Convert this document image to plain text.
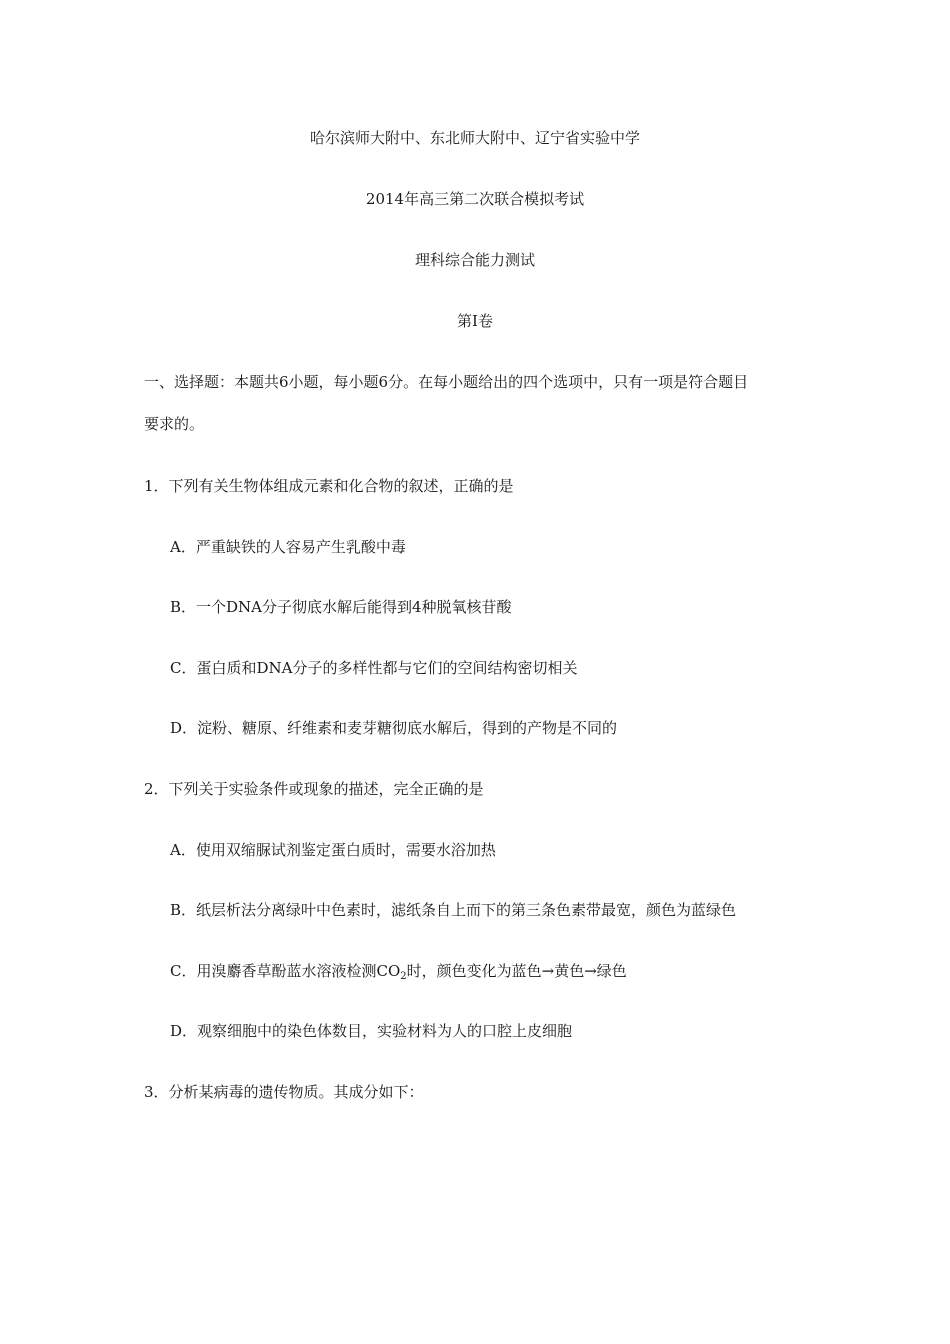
哈尔滨师大附中、东北师大附中、辽宁省实验中学
2014年高三第二次联合模拟考试
理科综合能力测试
第I卷
一、选择题：本题共6小题，每小题6分。在每小题给出的四个选项中，只有一项是符合题目
要求的。
1．下列有关生物体组成元素和化合物的叙述，正确的是
A．严重缺铁的人容易产生乳酸中毒
B．一个DNA分子彻底水解后能得到4种脱氧核苷酸
C．蛋白质和DNA分子的多样性都与它们的空间结构密切相关
D．淀粉、糖原、纤维素和麦芽糖彻底水解后，得到的产物是不同的
2．下列关于实验条件或现象的描述，完全正确的是
A．使用双缩脲试剂鉴定蛋白质时，需要水浴加热
B．纸层析法分离绿叶中色素时，滤纸条自上而下的第三条色素带最宽，颜色为蓝绿色
C．用溴麝香草酚蓝水溶液检测$CO_2$时，颜色变化为蓝色→黄色→绿色
D．观察细胞中的染色体数目，实验材料为人的口腔上皮细胞
3．分析某病毒的遗传物质。其成分如下：
